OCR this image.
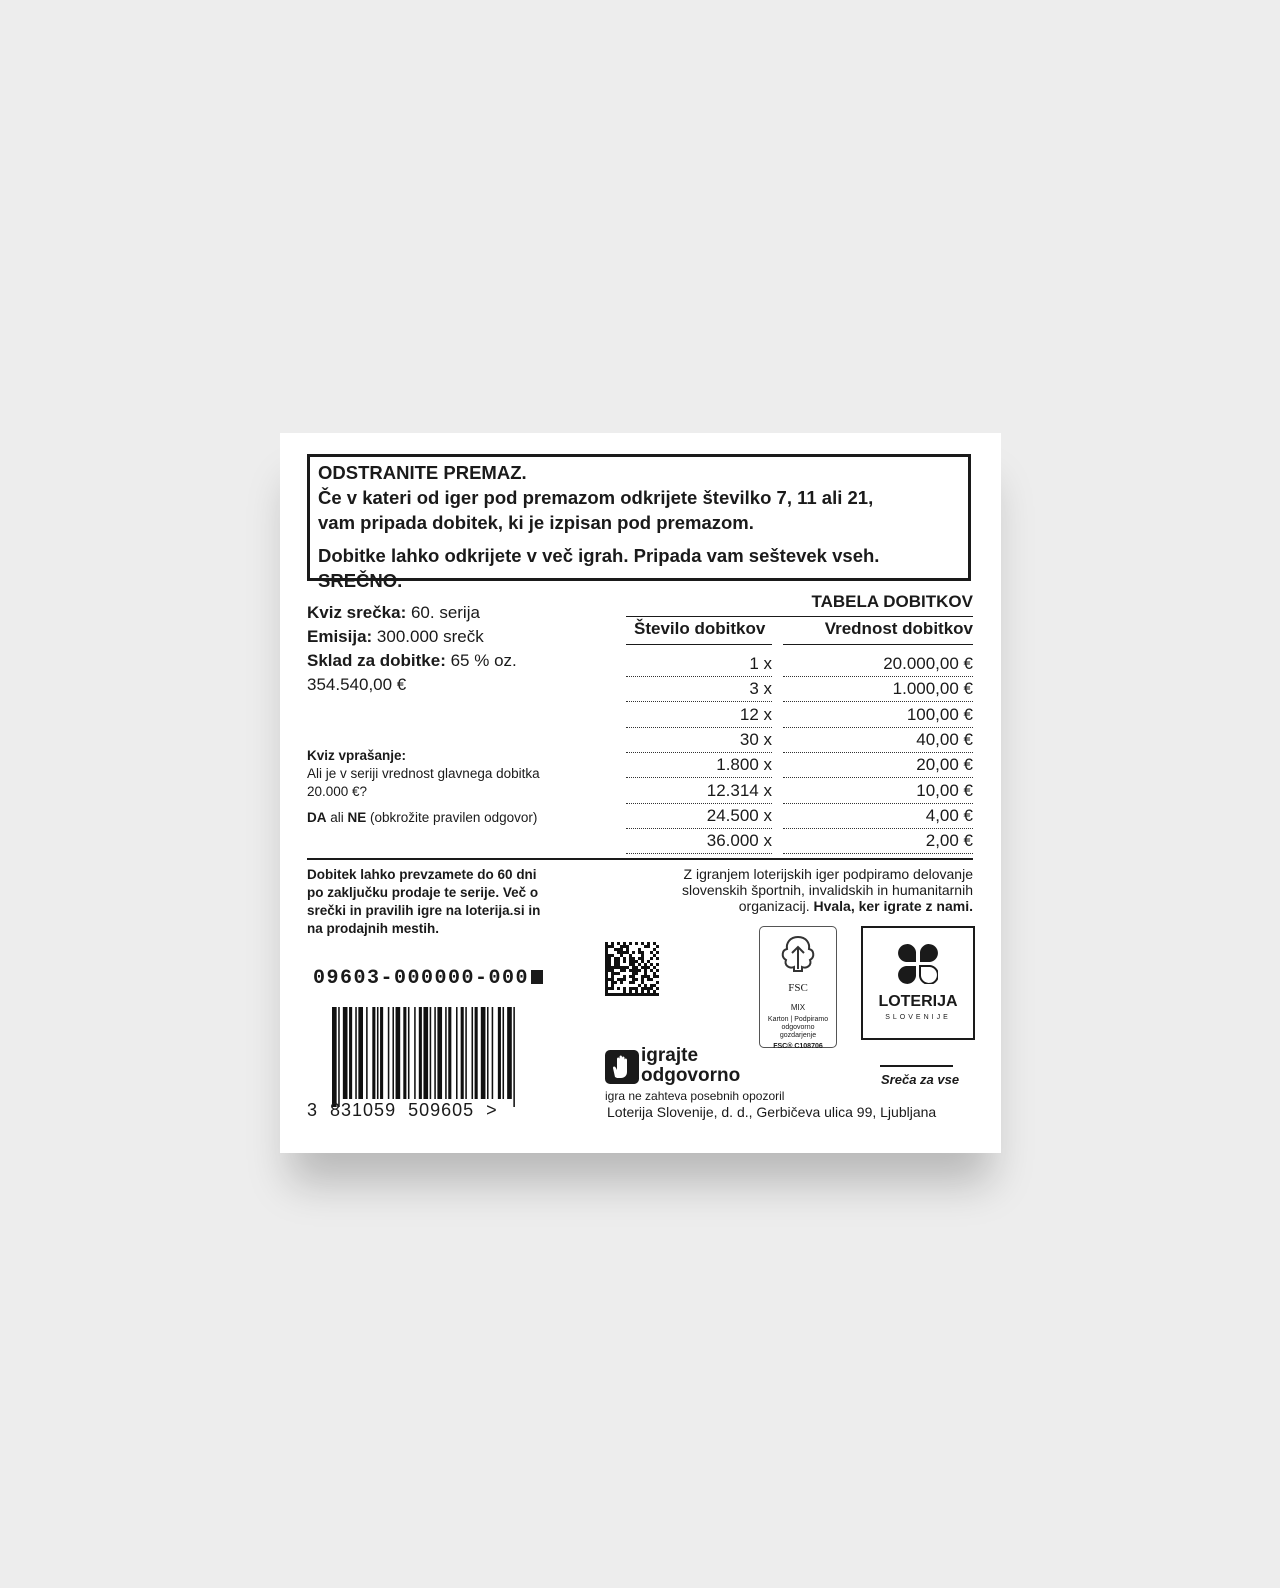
ODSTRANITE PREMAZ.

Če v kateri od iger pod premazom odkrijete številko 7, 11 ali 21,

vam pripada dobitek, ki je izpisan pod premazom.

Dobitke lahko odkrijete v več igrah. Pripada vam seštevek vseh. SREČNO.

Kviz srečka: 60. serija
Emisija: 300.000 srečk
Sklad za dobitke: 65 % oz.
354.540,00 €
Kviz vprašanje:
Ali je v seriji vrednost glavnega dobitka
20.000 €?
DA ali NE (obkrožite pravilen odgovor)
TABELA DOBITKOV
Število dobitkov	Vrednost dobitkov
1 x	20.000,00 €
3 x	1.000,00 €
12 x	100,00 €
30 x	40,00 €
1.800 x	20,00 €
12.314 x	10,00 €
24.500 x	4,00 €
36.000 x	2,00 €
Dobitek lahko prevzamete do 60 dni
po zaključku prodaje te serije. Več o
srečki in pravilih igre na loterija.si in
na prodajnih mestih.
Z igranjem loterijskih iger podpiramo delovanje
slovenskih športnih, invalidskih in humanitarnih
organizacij. Hvala, ker igrate z nami.
09603-000000-000
3  831059  509605  >
FSC
MIX
Karton | Podpiramo
odgovorno
gozdarjenje
FSC® C108706
LOTERIJA
SLOVENIJE
Sreča za vse
igrajte
odgovorno
igra ne zahteva posebnih opozoril
Loterija Slovenije, d. d., Gerbičeva ulica 99, Ljubljana
